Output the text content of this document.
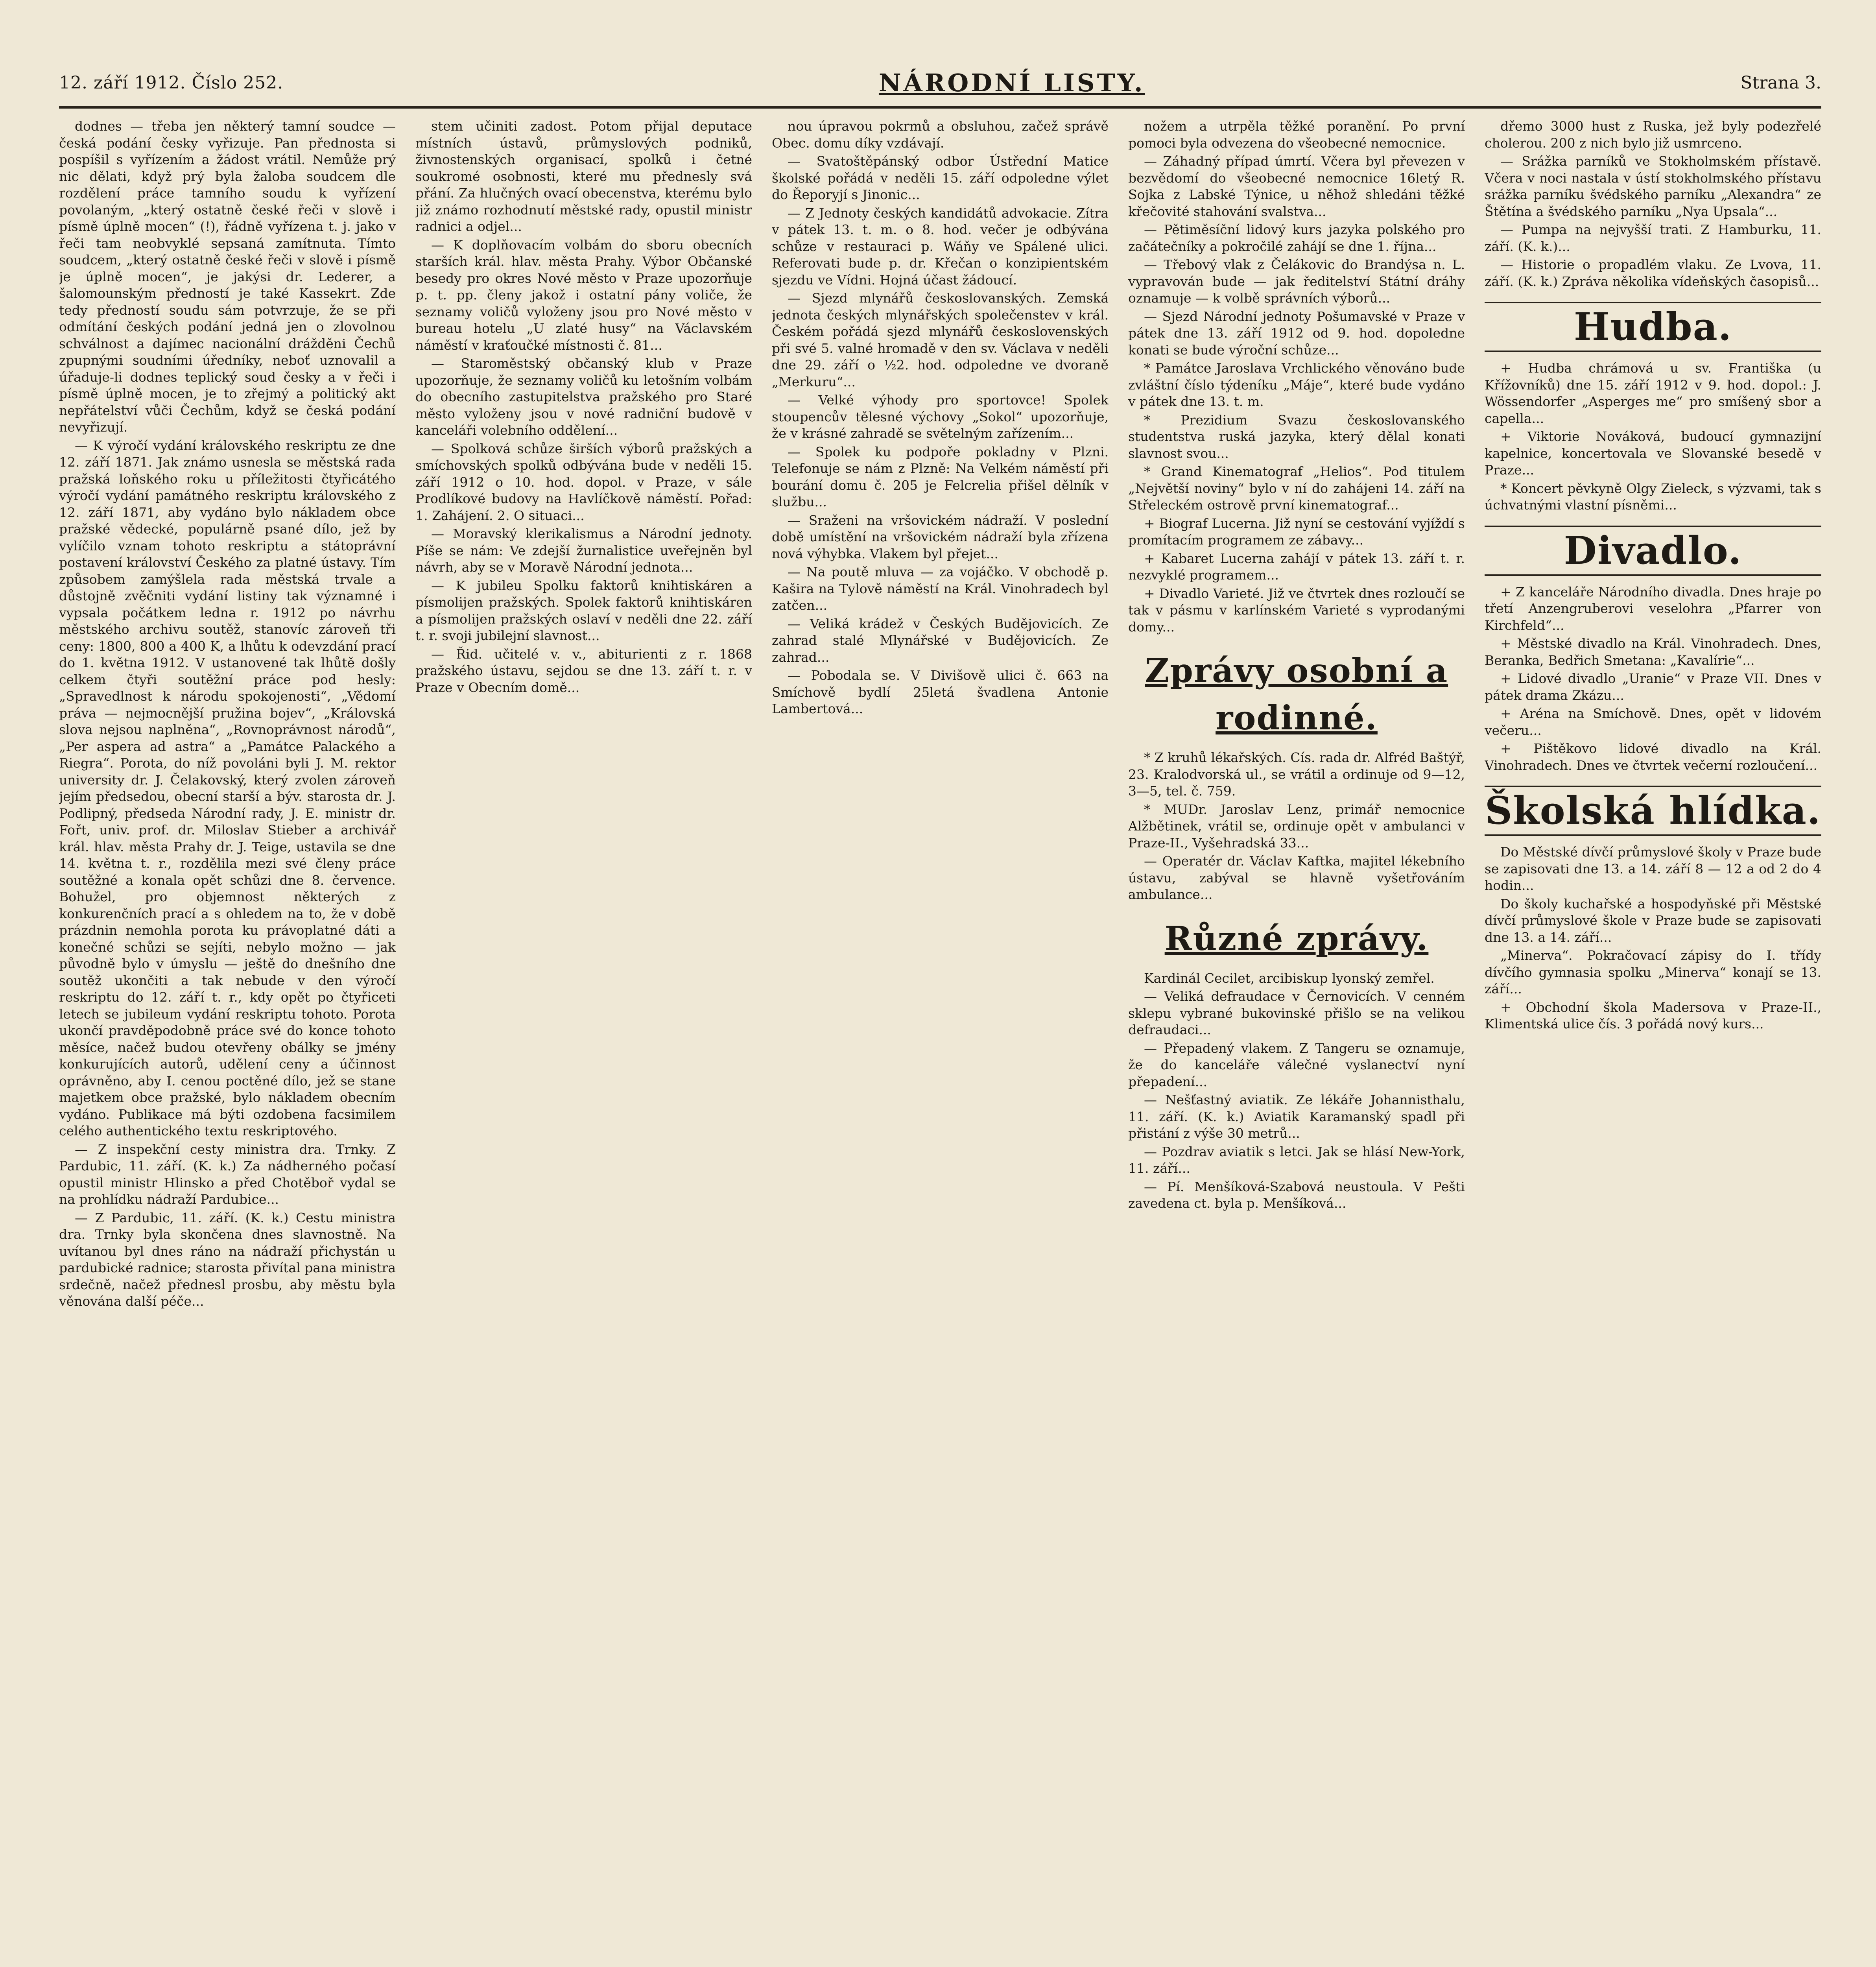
12. září 1912. Číslo 252.	NÁRODNÍ LISTY.	Strana 3.

dodnes — třeba jen některý tamní soudce — česká podání česky vyřizuje. Pan přednosta si pospíšil s vyřízením a žádost vrátil. Nemůže prý nic dělati, když prý byla žaloba soudcem dle rozdělení práce tamního soudu k vyřízení povolaným, „který ostatně české řeči v slově i písmě úplně mocen“ (!), řádně vyřízena t. j. jako v řeči tam neobvyklé sepsaná zamítnuta. Tímto soudcem, „který ostatně české řeči v slově i písmě je úplně mocen“, je jakýsi dr. Lederer, a šalomounským předností je také Kassekrt. Zde tedy předností soudu sám potvrzuje, že se při odmítání českých podání jedná jen o zlovolnou schválnost a dajímec nacionální drážděni Čechů zpupnými soudními úředníky, neboť uznovalil a úřaduje-li dodnes teplický soud česky a v řeči i písmě úplně mocen, je to zřejmý a politický akt nepřátelství vůči Čechům, když se česká podání nevyřizují.

— K výročí vydání královského reskriptu ze dne 12. září 1871. Jak známo usnesla se městská rada pražská loňského roku u příležitosti čtyřicátého výročí vydání památného reskriptu královského z 12. září 1871, aby vydáno bylo nákladem obce pražské vědecké, populárně psané dílo, jež by vylíčilo vznam tohoto reskriptu a státoprávní postavení království Českého za platné ústavy. Tím způsobem zamýšlela rada městská trvale a důstojně zvěčniti vydání listiny tak významné i vypsala počátkem ledna r. 1912 po návrhu městského archivu soutěž, stanovíc zároveň tři ceny: 1800, 800 a 400 K, a lhůtu k odevzdání prací do 1. května 1912. V ustanovené tak lhůtě došly celkem čtyři soutěžní práce pod hesly: „Spravedlnost k národu spokojenosti“, „Vědomí práva — nejmocnější pružina bojev“, „Královská slova nejsou naplněna“, „Rovnoprávnost národů“, „Per aspera ad astra“ a „Památce Palackého a Riegra“. Porota, do níž povoláni byli J. M. rektor university dr. J. Čelakovský, který zvolen zároveň jejím předsedou, obecní starší a býv. starosta dr. J. Podlipný, předseda Národní rady, J. E. ministr dr. Fořt, univ. prof. dr. Miloslav Stieber a archivář král. hlav. města Prahy dr. J. Teige, ustavila se dne 14. května t. r., rozdělila mezi své členy práce soutěžné a konala opět schůzi dne 8. července. Bohužel, pro objemnost některých z konkurenčních prací a s ohledem na to, že v době prázdnin nemohla porota ku právoplatné dáti a konečné schůzi se sejíti, nebylo možno — jak původně bylo v úmyslu — ještě do dnešního dne soutěž ukončiti a tak nebude v den výročí reskriptu do 12. září t. r., kdy opět po čtyřiceti letech se jubileum vydání reskriptu tohoto. Porota ukončí pravděpodobně práce své do konce tohoto měsíce, načež budou otevřeny obálky se jmény konkurujících autorů, udělení ceny a účinnost oprávněno, aby I. cenou poctěné dílo, jež se stane majetkem obce pražské, bylo nákladem obecním vydáno. Publikace má býti ozdobena facsimilem celého authentického textu reskriptového.

— Z inspekční cesty ministra dra. Trnky. Z Pardubic, 11. září. (K. k.) Za nádherného počasí opustil ministr Hlinsko a před Chotěboř vydal se na prohlídku nádraží Pardubice...

— Z Pardubic, 11. září. (K. k.) Cestu ministra dra. Trnky byla skončena dnes slavnostně. Na uvítanou byl dnes ráno na nádraží přichystán u pardubické radnice; starosta přivítal pana ministra srdečně, načež přednesl prosbu, aby městu byla věnována další péče...

stem učiniti zadost. Potom přijal deputace místních ústavů, průmyslových podniků, živnostenských organisací, spolků i četné soukromé osobnosti, které mu přednesly svá přání. Za hlučných ovací obecenstva, kterému bylo již známo rozhodnutí městské rady, opustil ministr radnici a odjel...

— K doplňovacím volbám do sboru obecních starších král. hlav. města Prahy. Výbor Občanské besedy pro okres Nové město v Praze upozorňuje p. t. pp. členy jakož i ostatní pány voliče, že seznamy voličů vyloženy jsou pro Nové město v bureau hotelu „U zlaté husy“ na Václavském náměstí v kraťoučké místnosti č. 81...

— Staroměstský občanský klub v Praze upozorňuje, že seznamy voličů ku letošním volbám do obecního zastupitelstva pražského pro Staré město vyloženy jsou v nové radniční budově v kanceláři volebního oddělení...

— Spolková schůze širších výborů pražských a smíchovských spolků odbývána bude v neděli 15. září 1912 o 10. hod. dopol. v Praze, v sále Prodlíkové budovy na Havlíčkově náměstí. Pořad: 1. Zahájení. 2. O situaci...

— Moravský klerikalismus a Národní jednoty. Píše se nám: Ve zdejší žurnalistice uveřejněn byl návrh, aby se v Moravě Národní jednota...

— K jubileu Spolku faktorů knihtiskáren a písmolijen pražských. Spolek faktorů knihtiskáren a písmolijen pražských oslaví v neděli dne 22. září t. r. svoji jubilejní slavnost...

— Řid. učitelé v. v., abiturienti z r. 1868 pražského ústavu, sejdou se dne 13. září t. r. v Praze v Obecním domě...

nou úpravou pokrmů a obsluhou, začež správě Obec. domu díky vzdávají.

— Svatoštěpánský odbor Ústřední Matice školské pořádá v neděli 15. září odpoledne výlet do Řeporyjí s Jinonic...

— Z Jednoty českých kandidátů advokacie. Zítra v pátek 13. t. m. o 8. hod. večer je odbývána schůze v restauraci p. Wáňy ve Spálené ulici. Referovati bude p. dr. Křečan o konzipientském sjezdu ve Vídni. Hojná účast žádoucí.

— Sjezd mlynářů českoslovanských. Zemská jednota českých mlynářských společenstev v král. Českém pořádá sjezd mlynářů československých při své 5. valné hromadě v den sv. Václava v neděli dne 29. září o ½2. hod. odpoledne ve dvoraně „Merkuru“...

— Velké výhody pro sportovce! Spolek stoupencův tělesné výchovy „Sokol“ upozorňuje, že v krásné zahradě se světelným zařízením...

— Spolek ku podpoře pokladny v Plzni. Telefonuje se nám z Plzně: Na Velkém náměstí při bourání domu č. 205 je Felcrelia přišel dělník v službu...

— Sraženi na vršovickém nádraží. V poslední době umístění na vršovickém nádraží byla zřízena nová výhybka. Vlakem byl přejet...

— Na poutě mluva — za vojáčko. V obchodě p. Kašira na Tylově náměstí na Král. Vinohradech byl zatčen...

— Veliká krádež v Českých Budějovicích. Ze zahrad stalé Mlynářské v Budějovicích. Ze zahrad...

— Pobodala se. V Divišově ulici č. 663 na Smíchově bydlí 25letá švadlena Antonie Lambertová...

nožem a utrpěla těžké poranění. Po první pomoci byla odvezena do všeobecné nemocnice.

— Záhadný případ úmrtí. Včera byl převezen v bezvědomí do všeobecné nemocnice 16letý R. Sojka z Labské Týnice, u něhož shledáni těžké křečovité stahování svalstva...

— Pětiměsíční lidový kurs jazyka polského pro začátečníky a pokročilé zahájí se dne 1. října...

— Třebový vlak z Čelákovic do Brandýsa n. L. vypravován bude — jak ředitelství Státní dráhy oznamuje — k volbě správních výborů...

— Sjezd Národní jednoty Pošumavské v Praze v pátek dne 13. září 1912 od 9. hod. dopoledne konati se bude výroční schůze...

* Památce Jaroslava Vrchlického věnováno bude zvláštní číslo týdeníku „Máje“, které bude vydáno v pátek dne 13. t. m.

* Prezidium Svazu českoslovanského studentstva ruská jazyka, který dělal konati slavnost svou...

* Grand Kinematograf „Helios“. Pod titulem „Největší noviny“ bylo v ní do zahájeni 14. září na Střeleckém ostrově první kinematograf...

+ Biograf Lucerna. Již nyní se cestování vyjíždí s promítacím programem ze zábavy...

+ Kabaret Lucerna zahájí v pátek 13. září t. r. nezvyklé programem...

+ Divadlo Varieté. Již ve čtvrtek dnes rozloučí se tak v pásmu v karlínském Varieté s vyprodanými domy...

Zprávy osobní a rodinné.

* Z kruhů lékařských. Cís. rada dr. Alfréd Baštýř, 23. Kralodvorská ul., se vrátil a ordinuje od 9—12, 3—5, tel. č. 759.

* MUDr. Jaroslav Lenz, primář nemocnice Alžbětinek, vrátil se, ordinuje opět v ambulanci v Praze-II., Vyšehradská 33...

— Operatér dr. Václav Kaftka, majitel lékebního ústavu, zabýval se hlavně vyšetřováním ambulance...

Různé zprávy.

Kardinál Cecilet, arcibiskup lyonský zemřel.

— Veliká defraudace v Černovicích. V cenném sklepu vybrané bukovinské přišlo se na velikou defraudaci...

— Přepadený vlakem. Z Tangeru se oznamuje, že do kanceláře válečné vyslanectví nyní přepadení...

— Nešťastný aviatik. Ze lékáře Johannisthalu, 11. září. (K. k.) Aviatik Karamanský spadl při přistání z výše 30 metrů...

— Pozdrav aviatik s letci. Jak se hlásí New-York, 11. září...

— Pí. Menšíková-Szabová neustoula. V Pešti zavedena ct. byla p. Menšíková...

dřemo 3000 hust z Ruska, jež byly podezřelé cholerou. 200 z nich bylo již usmrceno.

— Srážka parníků ve Stokholmském přístavě. Včera v noci nastala v ústí stokholmského přístavu srážka parníku švédského parníku „Alexandra“ ze Štětína a švédského parníku „Nya Upsala“...

— Pumpa na nejvyšší trati. Z Hamburku, 11. září. (K. k.)...

— Historie o propadlém vlaku. Ze Lvova, 11. září. (K. k.) Zpráva několika vídeňských časopisů...

Hudba.

+ Hudba chrámová u sv. Františka (u Křížovníků) dne 15. září 1912 v 9. hod. dopol.: J. Wössendorfer „Asperges me“ pro smíšený sbor a capella...

+ Viktorie Nováková, budoucí gymnazijní kapelnice, koncertovala ve Slovanské besedě v Praze...

* Koncert pěvkyně Olgy Zieleck, s výzvami, tak s úchvatnými vlastní písněmi...

Divadlo.

+ Z kanceláře Národního divadla. Dnes hraje po třetí Anzengruberovi veselohra „Pfarrer von Kirchfeld“...

+ Městské divadlo na Král. Vinohradech. Dnes, Beranka, Bedřich Smetana: „Kavalírie“...

+ Lidové divadlo „Uranie“ v Praze VII. Dnes v pátek drama Zkázu...

+ Aréna na Smíchově. Dnes, opět v lidovém večeru...

+ Pištěkovo lidové divadlo na Král. Vinohradech. Dnes ve čtvrtek večerní rozloučení...

Školská hlídka.

Do Městské dívčí průmyslové školy v Praze bude se zapisovati dne 13. a 14. září 8 — 12 a od 2 do 4 hodin...

Do školy kuchařské a hospodyňské při Městské dívčí průmyslové škole v Praze bude se zapisovati dne 13. a 14. září...

„Minerva“. Pokračovací zápisy do I. třídy dívčího gymnasia spolku „Minerva“ konají se 13. září...

+ Obchodní škola Madersova v Praze-II., Klimentská ulice čís. 3 pořádá nový kurs...
